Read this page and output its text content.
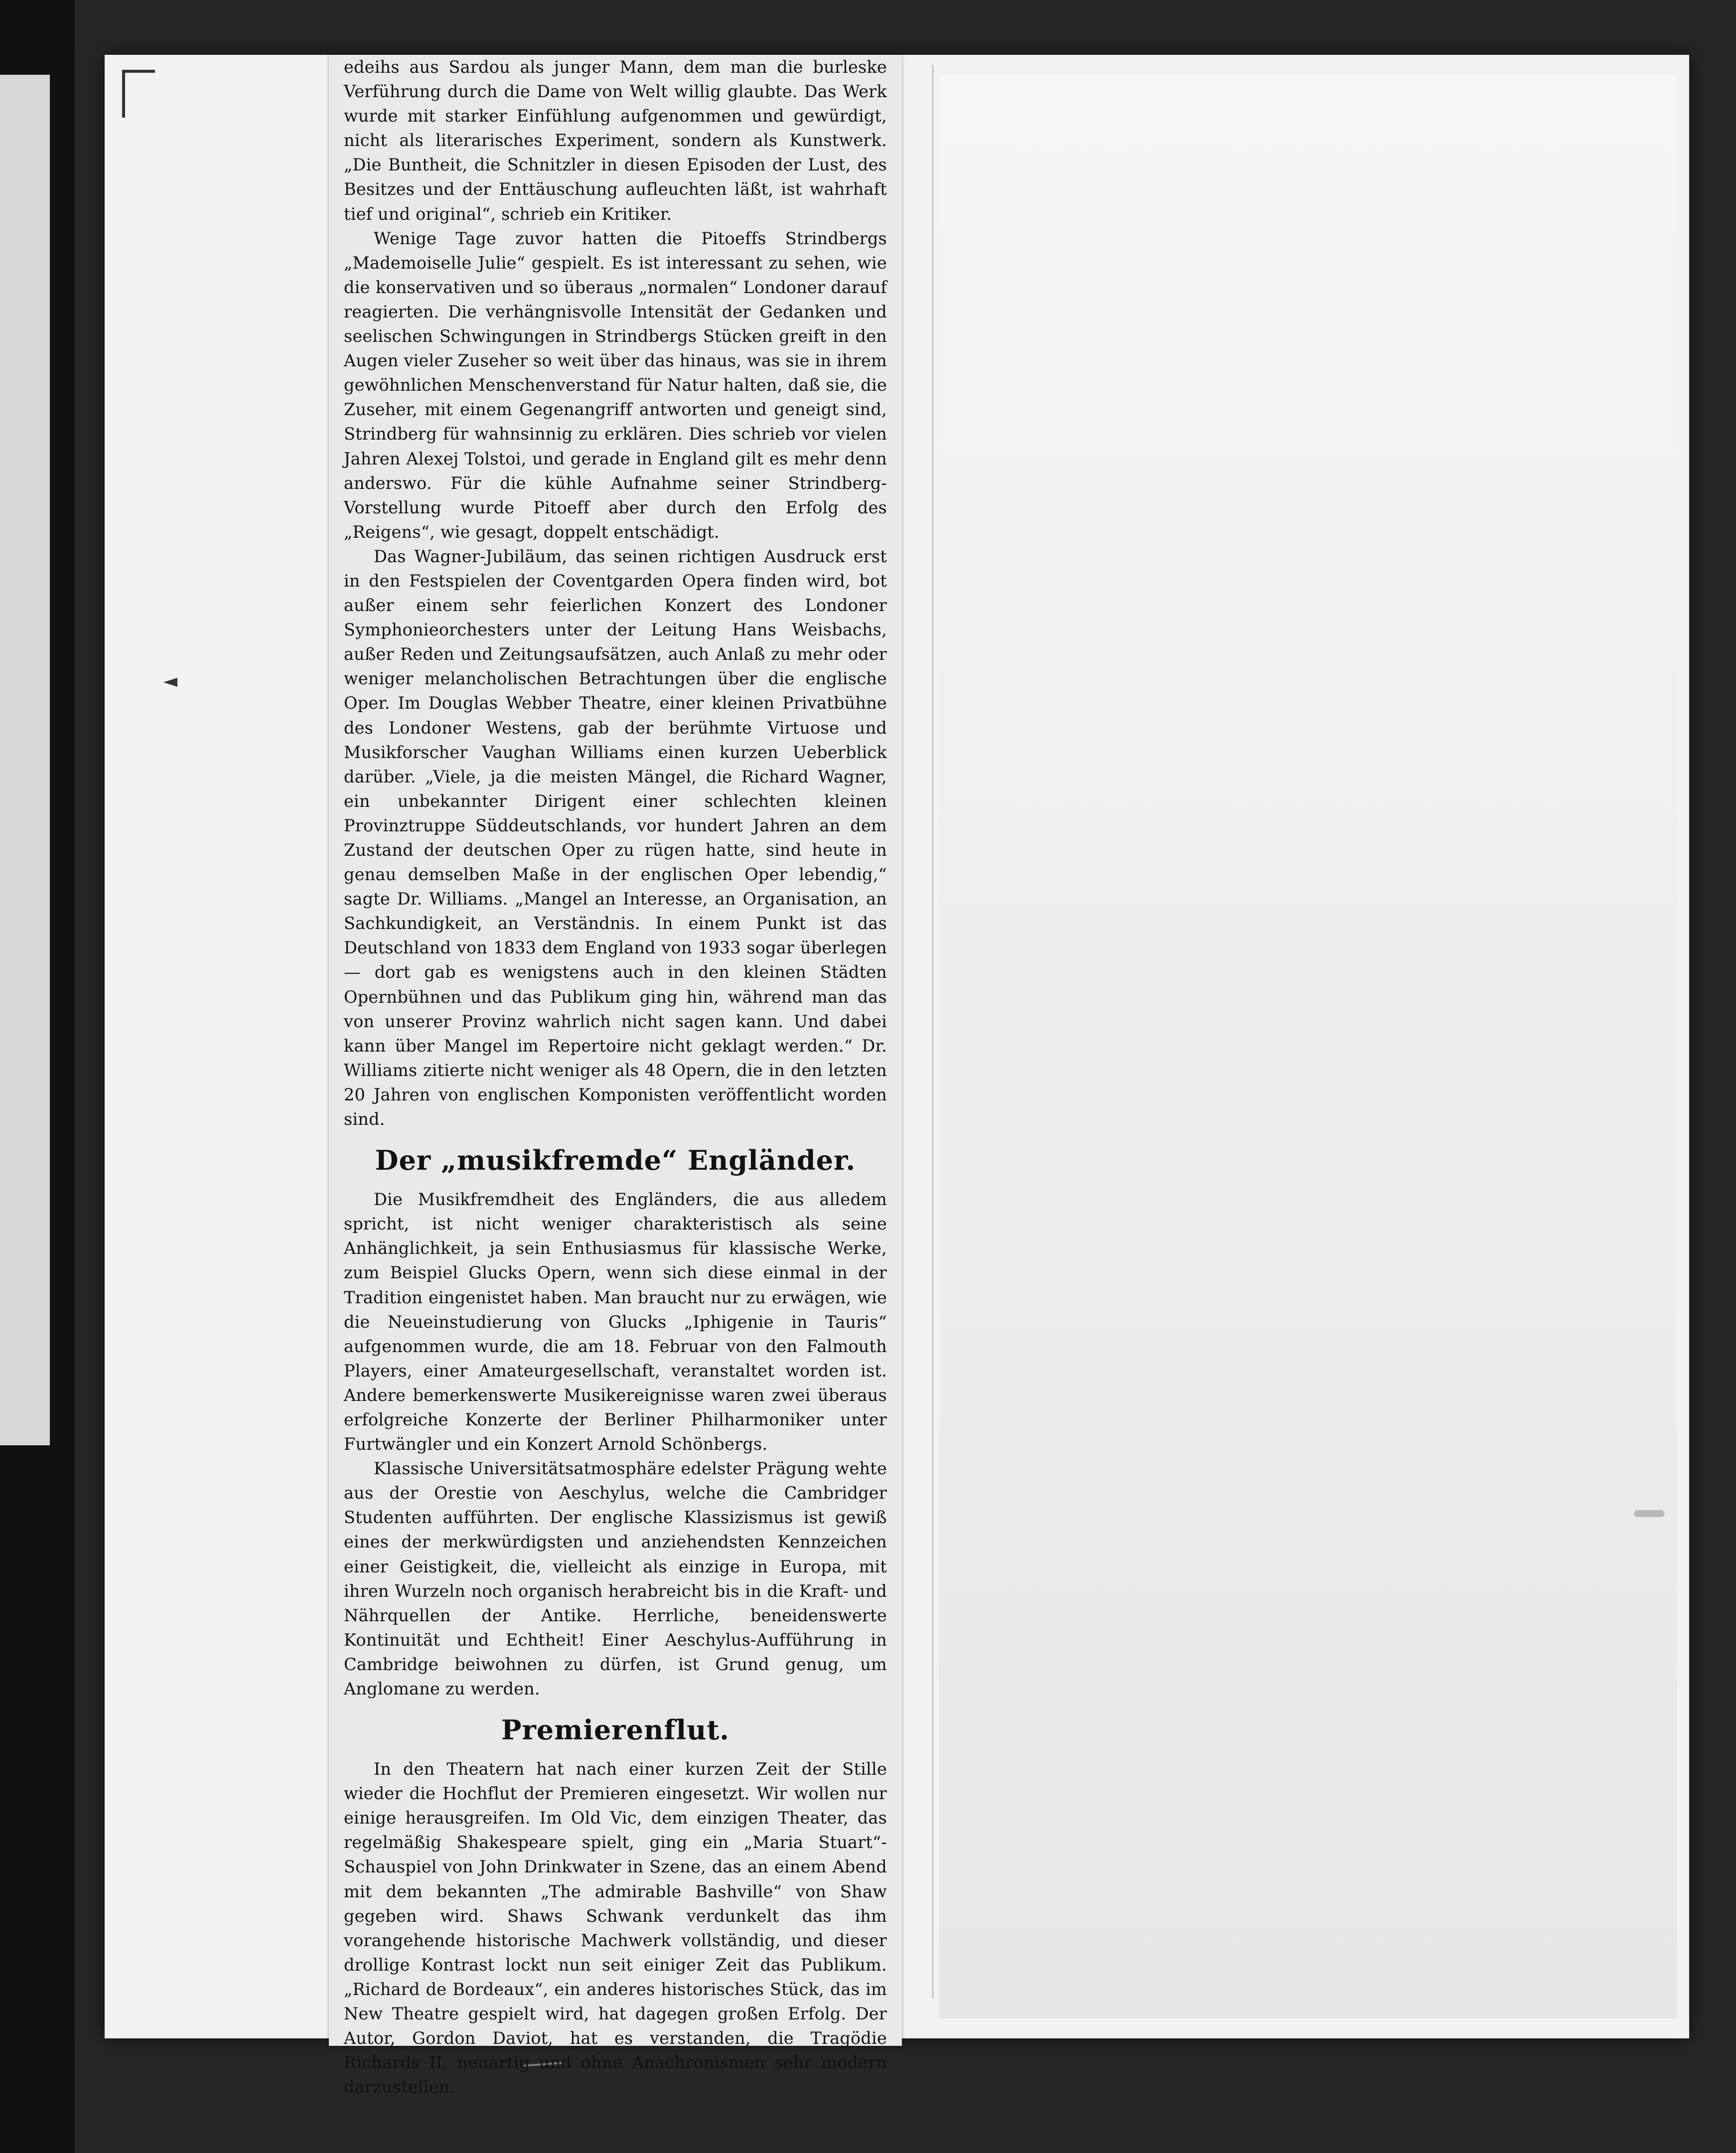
edeihs aus Sardou als junger Mann, dem man die burleske Verführung durch die Dame von Welt willig glaubte. Das Werk wurde mit starker Einfühlung aufgenommen und gewürdigt, nicht als literarisches Experiment, sondern als Kunstwerk. „Die Buntheit, die Schnitzler in diesen Episoden der Lust, des Besitzes und der Enttäuschung aufleuchten läßt, ist wahrhaft tief und original“, schrieb ein Kritiker.

Wenige Tage zuvor hatten die Pitoeffs Strindbergs „Mademoiselle Julie“ gespielt. Es ist interessant zu sehen, wie die konservativen und so überaus „normalen“ Londoner darauf reagierten. Die verhängnisvolle Intensität der Gedanken und seelischen Schwingungen in Strindbergs Stücken greift in den Augen vieler Zuseher so weit über das hinaus, was sie in ihrem gewöhnlichen Menschenverstand für Natur halten, daß sie, die Zuseher, mit einem Gegenangriff antworten und geneigt sind, Strindberg für wahnsinnig zu erklären. Dies schrieb vor vielen Jahren Alexej Tolstoi, und gerade in England gilt es mehr denn anderswo. Für die kühle Aufnahme seiner Strindberg-Vorstellung wurde Pitoeff aber durch den Erfolg des „Reigens“, wie gesagt, doppelt entschädigt.

Das Wagner-Jubiläum, das seinen richtigen Ausdruck erst in den Festspielen der Coventgarden Opera finden wird, bot außer einem sehr feierlichen Konzert des Londoner Symphonieorchesters unter der Leitung Hans Weisbachs, außer Reden und Zeitungsaufsätzen, auch Anlaß zu mehr oder weniger melancholischen Betrachtungen über die englische Oper. Im Douglas Webber Theatre, einer kleinen Privatbühne des Londoner Westens, gab der berühmte Virtuose und Musikforscher Vaughan Williams einen kurzen Ueberblick darüber. „Viele, ja die meisten Mängel, die Richard Wagner, ein unbekannter Dirigent einer schlechten kleinen Provinztruppe Süddeutschlands, vor hundert Jahren an dem Zustand der deutschen Oper zu rügen hatte, sind heute in genau demselben Maße in der englischen Oper lebendig,“ sagte Dr. Williams. „Mangel an Interesse, an Organisation, an Sachkundigkeit, an Verständnis. In einem Punkt ist das Deutschland von 1833 dem England von 1933 sogar überlegen — dort gab es wenigstens auch in den kleinen Städten Opernbühnen und das Publikum ging hin, während man das von unserer Provinz wahrlich nicht sagen kann. Und dabei kann über Mangel im Repertoire nicht geklagt werden.“ Dr. Williams zitierte nicht weniger als 48 Opern, die in den letzten 20 Jahren von englischen Komponisten veröffentlicht worden sind.

Der „musikfremde“ Engländer.

Die Musikfremdheit des Engländers, die aus alledem spricht, ist nicht weniger charakteristisch als seine Anhänglichkeit, ja sein Enthusiasmus für klassische Werke, zum Beispiel Glucks Opern, wenn sich diese einmal in der Tradition eingenistet haben. Man braucht nur zu erwägen, wie die Neueinstudierung von Glucks „Iphigenie in Tauris“ aufgenommen wurde, die am 18. Februar von den Falmouth Players, einer Amateurgesellschaft, veranstaltet worden ist. Andere bemerkenswerte Musikereignisse waren zwei überaus erfolgreiche Konzerte der Berliner Philharmoniker unter Furtwängler und ein Konzert Arnold Schönbergs.

Klassische Universitätsatmosphäre edelster Prägung wehte aus der Orestie von Aeschylus, welche die Cambridger Studenten aufführten. Der englische Klassizismus ist gewiß eines der merkwürdigsten und anziehendsten Kennzeichen einer Geistigkeit, die, vielleicht als einzige in Europa, mit ihren Wurzeln noch organisch herabreicht bis in die Kraft- und Nährquellen der Antike. Herrliche, beneidenswerte Kontinuität und Echtheit! Einer Aeschylus-Aufführung in Cambridge beiwohnen zu dürfen, ist Grund genug, um Anglomane zu werden.

Premierenflut.

In den Theatern hat nach einer kurzen Zeit der Stille wieder die Hochflut der Premieren eingesetzt. Wir wollen nur einige herausgreifen. Im Old Vic, dem einzigen Theater, das regelmäßig Shakespeare spielt, ging ein „Maria Stuart“-Schauspiel von John Drinkwater in Szene, das an einem Abend mit dem bekannten „The admirable Bashville“ von Shaw gegeben wird. Shaws Schwank verdunkelt das ihm vorangehende historische Machwerk vollständig, und dieser drollige Kontrast lockt nun seit einiger Zeit das Publikum. „Richard de Bordeaux“, ein anderes historisches Stück, das im New Theatre gespielt wird, hat dagegen großen Erfolg. Der Autor, Gordon Daviot, hat es verstanden, die Tragödie Richards II. neuartig und ohne Anachronismen sehr modern darzustellen.
